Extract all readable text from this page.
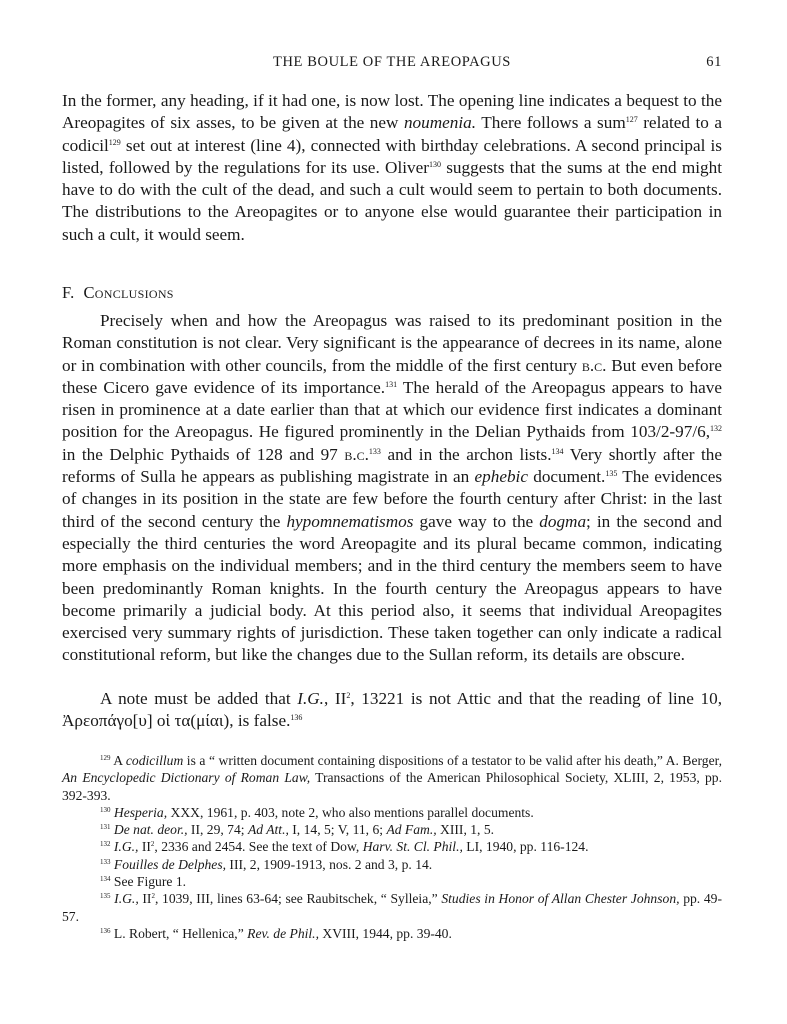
THE BOULE OF THE AREOPAGUS	61

In the former, any heading, if it had one, is now lost. The opening line indicates a bequest to the Areopagites of six asses, to be given at the new noumenia. There follows a sum$^{127}$ related to a codicil$^{129}$ set out at interest (line 4), connected with birthday celebrations. A second principal is listed, followed by the regulations for its use. Oliver$^{130}$ suggests that the sums at the end might have to do with the cult of the dead, and such a cult would seem to pertain to both documents. The distributions to the Areopagites or to anyone else would guarantee their participation in such a cult, it would seem.

F. Conclusions

Precisely when and how the Areopagus was raised to its predominant position in the Roman constitution is not clear. Very significant is the appearance of decrees in its name, alone or in combination with other councils, from the middle of the first century b.c. But even before these Cicero gave evidence of its importance.$^{131}$ The herald of the Areopagus appears to have risen in prominence at a date earlier than that at which our evidence first indicates a dominant position for the Areopagus. He figured prominently in the Delian Pythaids from 103/2-97/6,$^{132}$ in the Delphic Pythaids of 128 and 97 b.c.$^{133}$ and in the archon lists.$^{134}$ Very shortly after the reforms of Sulla he appears as publishing magistrate in an ephebic document.$^{135}$ The evidences of changes in its position in the state are few before the fourth century after Christ: in the last third of the second century the hypomnematismos gave way to the dogma; in the second and especially the third centuries the word Areopagite and its plural became common, indicating more emphasis on the individual members; and in the third century the members seem to have been predominantly Roman knights. In the fourth century the Areopagus appears to have become primarily a judicial body. At this period also, it seems that individual Areopagites exercised very summary rights of jurisdiction. These taken together can only indicate a radical constitutional reform, but like the changes due to the Sullan reform, its details are obscure.

A note must be added that I.G., $II^2$, 13221 is not Attic and that the reading of line 10, Ἀρεοπάγο[υ] οἱ τα(μίαι), is false.$^{136}$

$^{129}$ A codicillum is a “ written document containing dispositions of a testator to be valid after his death,” A. Berger, An Encyclopedic Dictionary of Roman Law, Transactions of the American Philosophical Society, XLIII, 2, 1953, pp. 392-393.

$^{130}$ Hesperia, XXX, 1961, p. 403, note 2, who also mentions parallel documents.

$^{131}$ De nat. deor., II, 29, 74; Ad Att., I, 14, 5; V, 11, 6; Ad Fam., XIII, 1, 5.

$^{132}$ I.G., $II^2$, 2336 and 2454. See the text of Dow, Harv. St. Cl. Phil., LI, 1940, pp. 116-124.

$^{133}$ Fouilles de Delphes, III, 2, 1909-1913, nos. 2 and 3, p. 14.

$^{134}$ See Figure 1.

$^{135}$ I.G., $II^2$, 1039, III, lines 63-64; see Raubitschek, “ Sylleia,” Studies in Honor of Allan Chester Johnson, pp. 49-57.

$^{136}$ L. Robert, “ Hellenica,” Rev. de Phil., XVIII, 1944, pp. 39-40.
